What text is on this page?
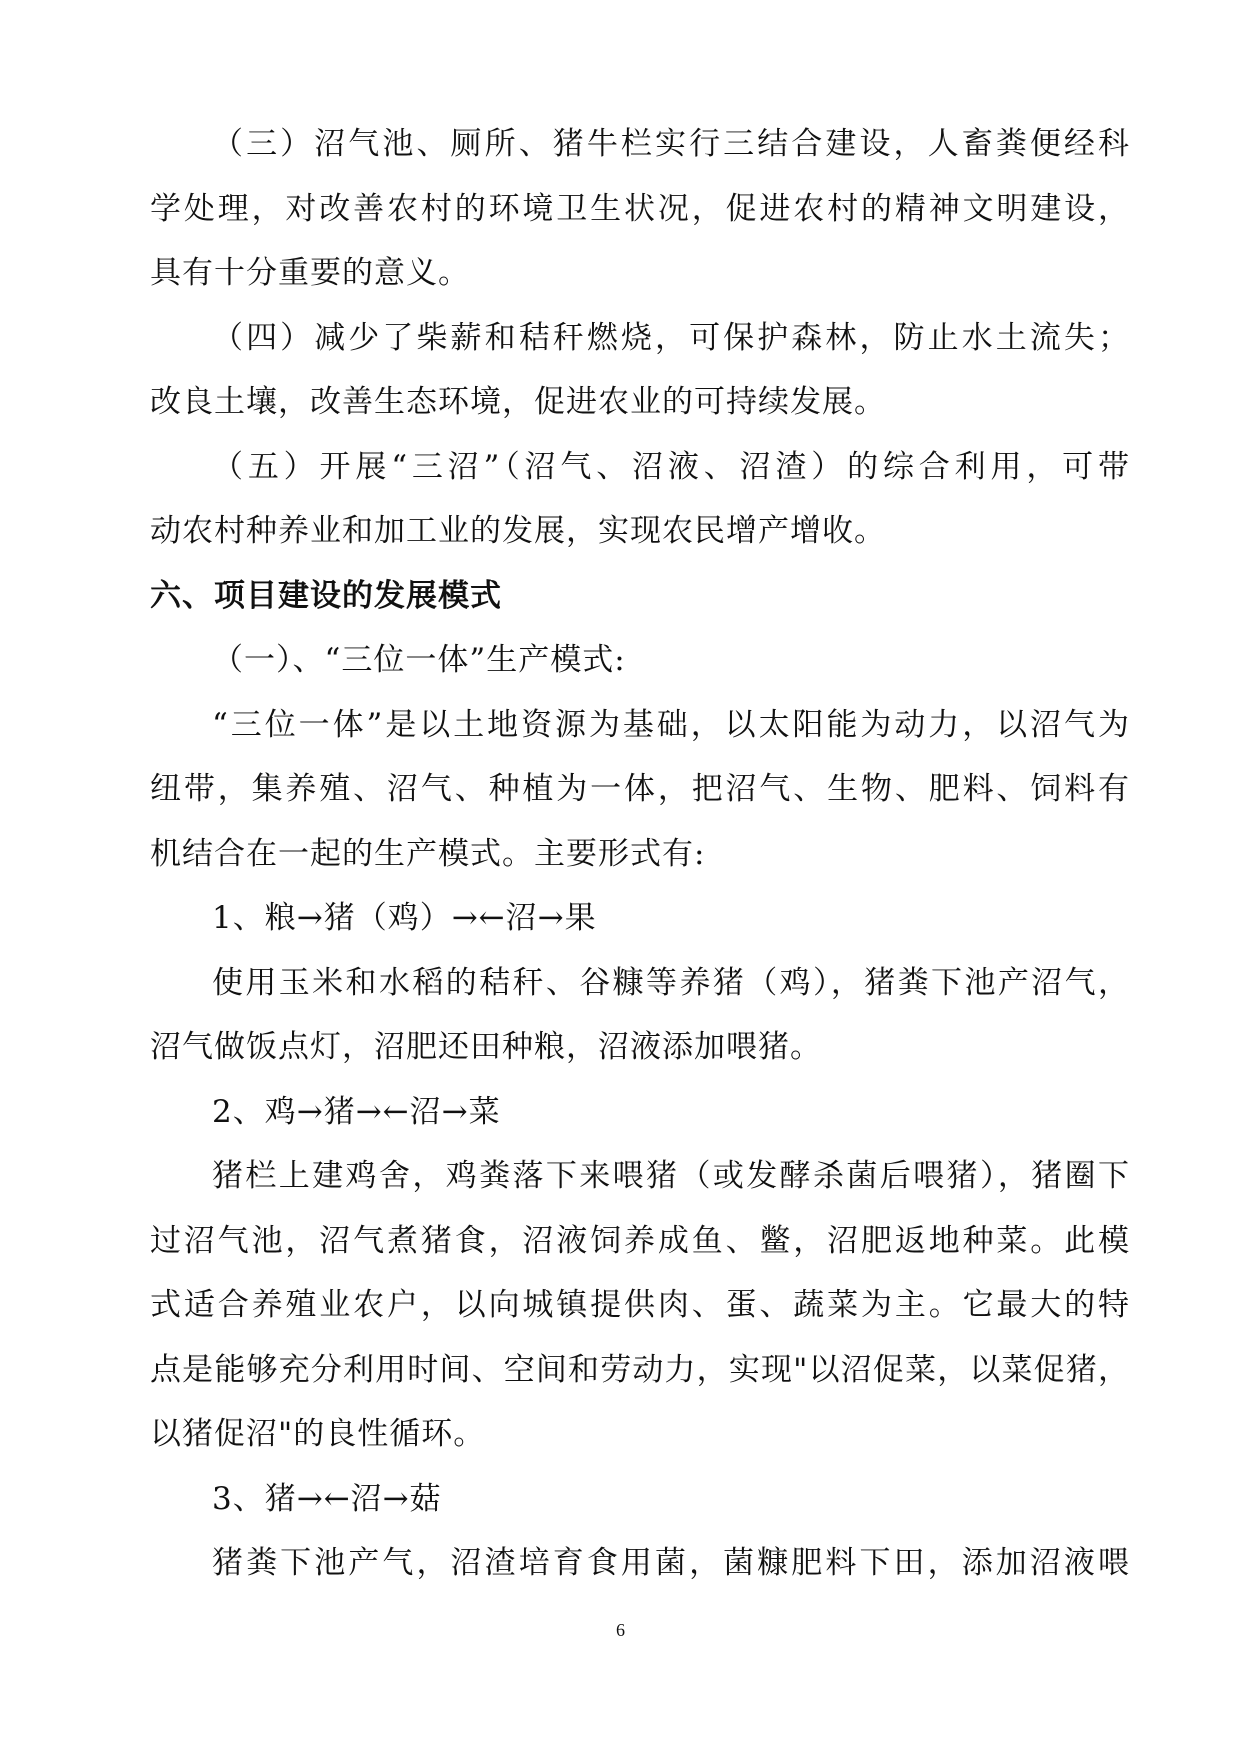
（三）沼气池、厕所、猪牛栏实行三结合建设，人畜粪便经科
学处理，对改善农村的环境卫生状况，促进农村的精神文明建设，
具有十分重要的意义。
（四）减少了柴薪和秸秆燃烧，可保护森林，防止水土流失；
改良土壤，改善生态环境，促进农业的可持续发展。
（五）开展“三沼”（沼气、沼液、沼渣）的综合利用，可带
动农村种养业和加工业的发展，实现农民增产增收。
六、项目建设的发展模式
（一）、“三位一体”生产模式:
“三位一体”是以土地资源为基础，以太阳能为动力，以沼气为
纽带，集养殖、沼气、种植为一体，把沼气、生物、肥料、饲料有
机结合在一起的生产模式。主要形式有:
1、粮→猪（鸡）→←沼→果
使用玉米和水稻的秸秆、谷糠等养猪（鸡），猪粪下池产沼气，
沼气做饭点灯，沼肥还田种粮，沼液添加喂猪。
2、鸡→猪→←沼→菜
猪栏上建鸡舍，鸡粪落下来喂猪（或发酵杀菌后喂猪），猪圈下
过沼气池，沼气煮猪食，沼液饲养成鱼、鳖，沼肥返地种菜。此模
式适合养殖业农户，以向城镇提供肉、蛋、蔬菜为主。它最大的特
点是能够充分利用时间、空间和劳动力，实现"以沼促菜，以菜促猪，
以猪促沼"的良性循环。
3、猪→←沼→菇
猪粪下池产气，沼渣培育食用菌，菌糠肥料下田，添加沼液喂
6
